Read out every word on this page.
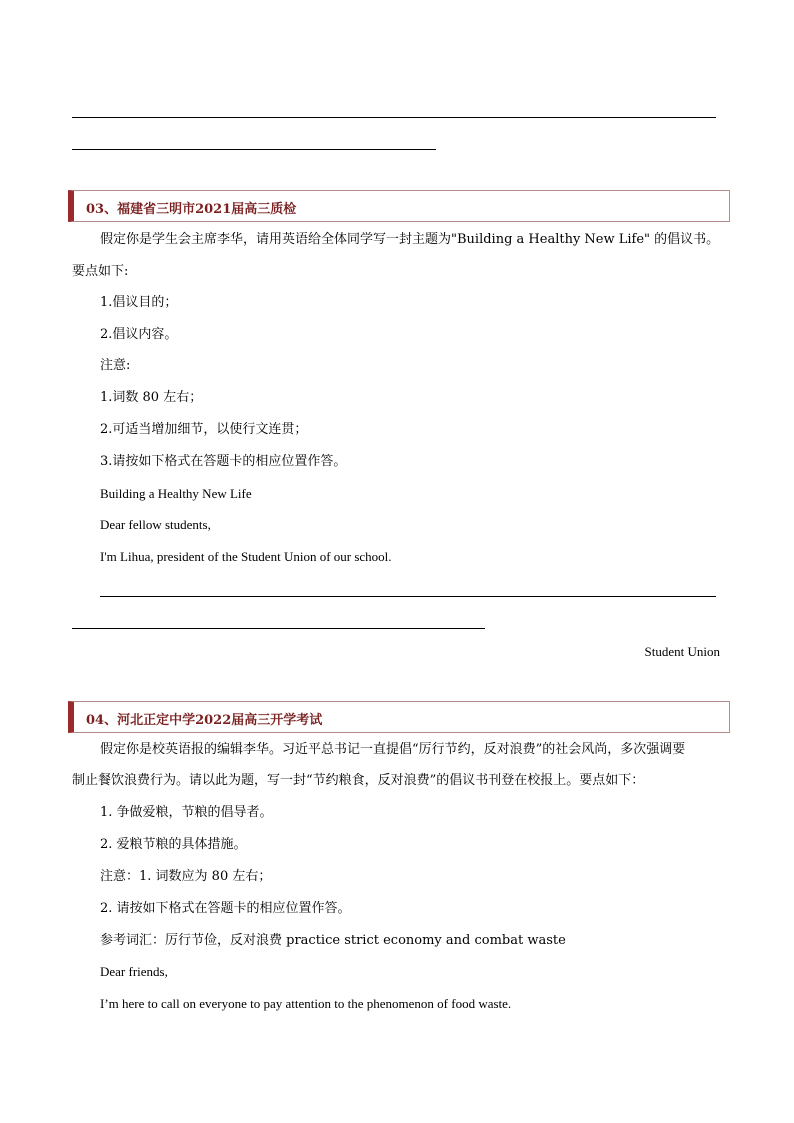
03、福建省三明市2021届高三质检
假定你是学生会主席李华，请用英语给全体同学写一封主题为"Building a Healthy New Life" 的倡议书。
要点如下:
1.倡议目的；
2.倡议内容。
注意:
1.词数 80 左右；
2.可适当增加细节，以使行文连贯；
3.请按如下格式在答题卡的相应位置作答。
Building a Healthy New Life
Dear fellow students,
I'm Lihua, president of the Student Union of our school.
Student Union
04、河北正定中学2022届高三开学考试
假定你是校英语报的编辑李华。习近平总书记一直提倡“厉行节约，反对浪费”的社会风尚，多次强调要
制止餐饮浪费行为。请以此为题，写一封“节约粮食，反对浪费”的倡议书刊登在校报上。要点如下：
1. 争做爱粮，节粮的倡导者。
2. 爱粮节粮的具体措施。
注意：1. 词数应为 80 左右；
2. 请按如下格式在答题卡的相应位置作答。
参考词汇：厉行节俭，反对浪费 practice strict economy and combat waste
Dear friends,
I’m here to call on everyone to pay attention to the phenomenon of food waste.
